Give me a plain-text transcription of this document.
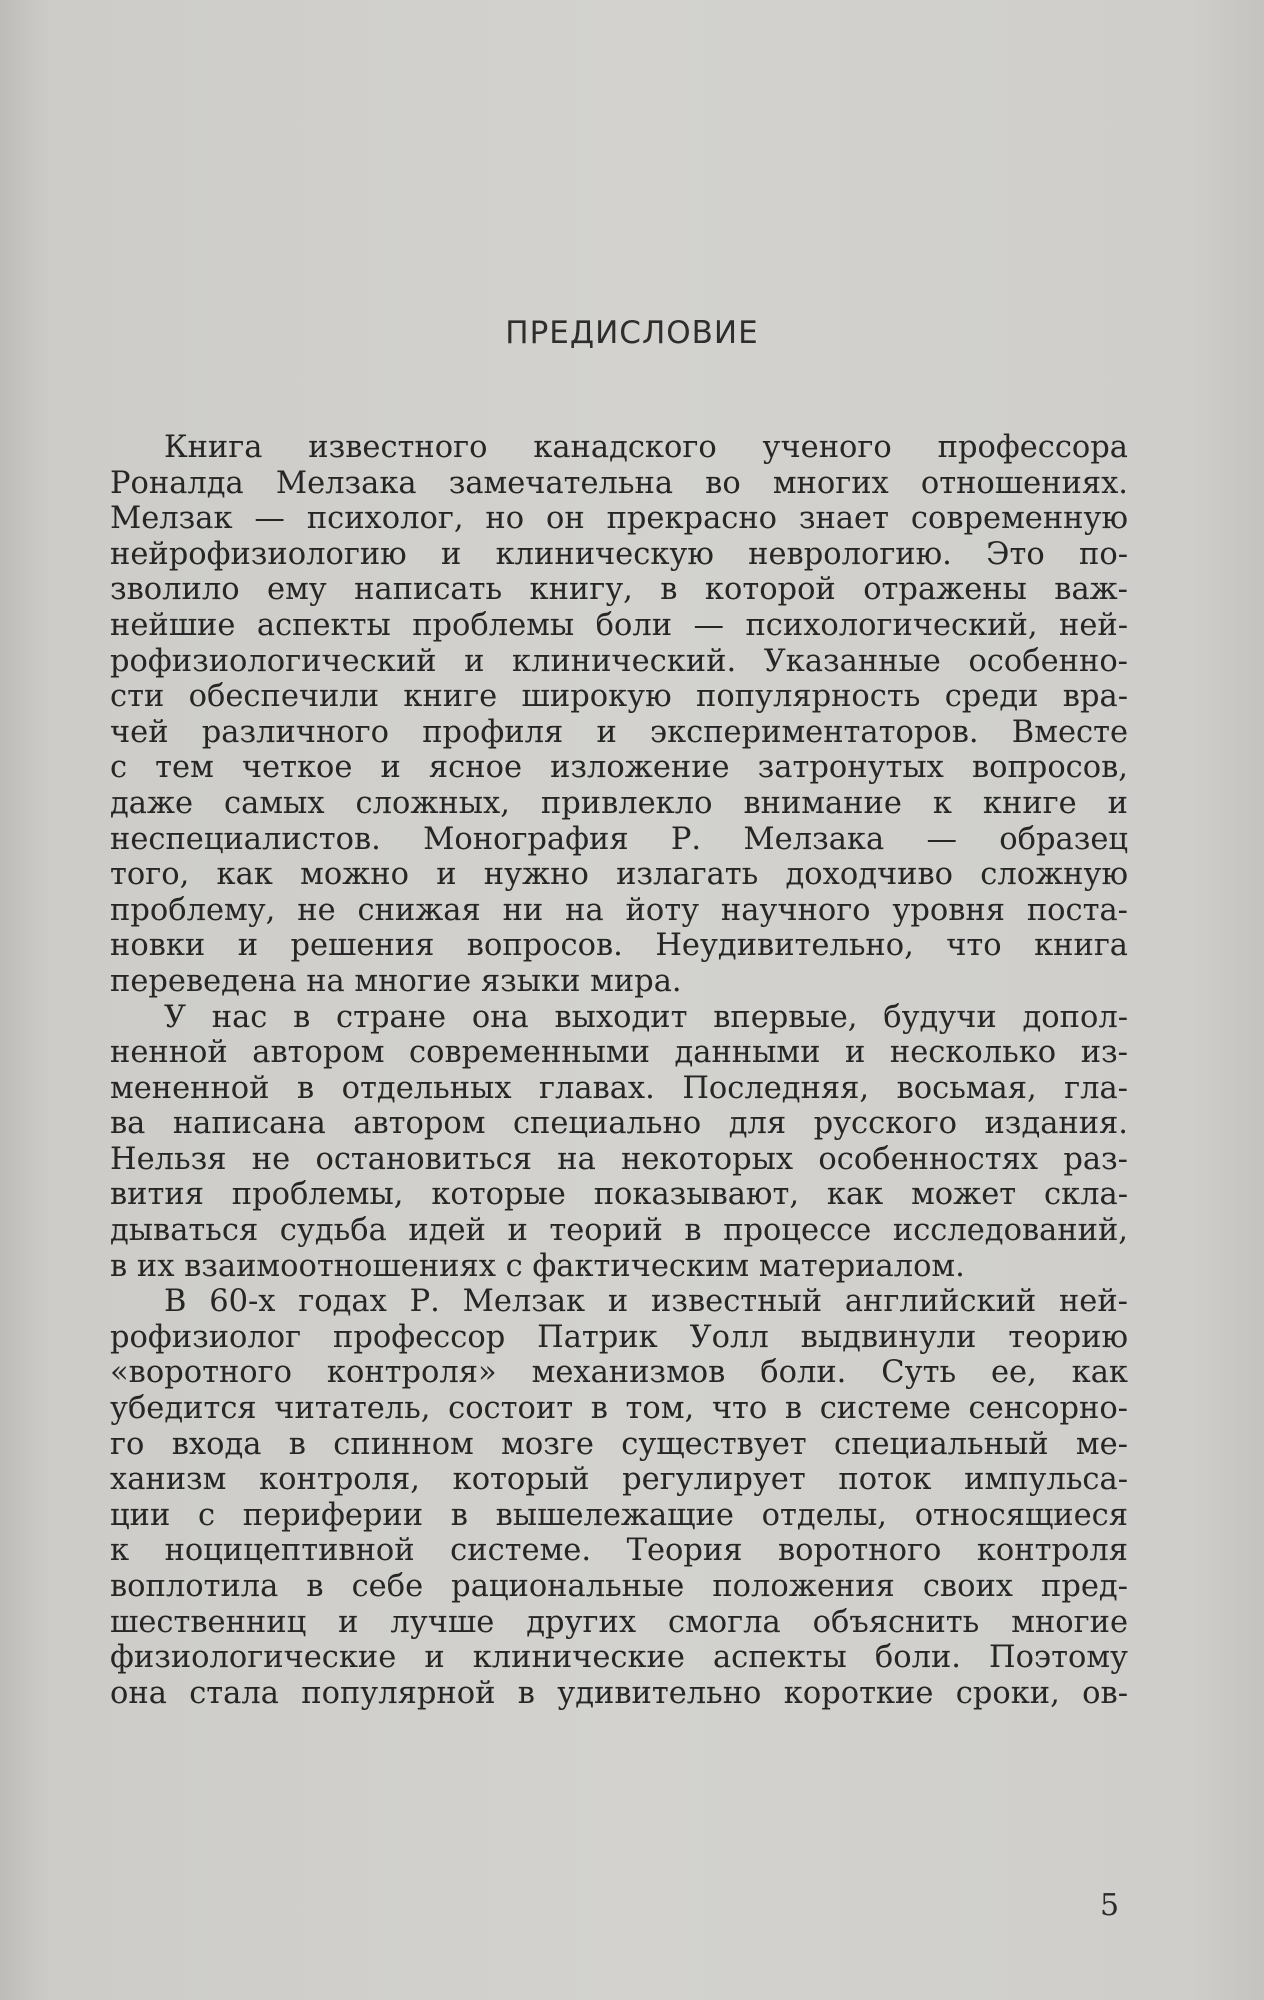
ПРЕДИСЛОВИЕ
Книга известного канадского ученого профессора
Роналда Мелзака замечательна во многих отношениях.
Мелзак — психолог, но он прекрасно знает современную
нейрофизиологию и клиническую неврологию. Это по-
зволило ему написать книгу, в которой отражены важ-
нейшие аспекты проблемы боли — психологический, ней-
рофизиологический и клинический. Указанные особенно-
сти обеспечили книге широкую популярность среди вра-
чей различного профиля и экспериментаторов. Вместе
с тем четкое и ясное изложение затронутых вопросов,
даже самых сложных, привлекло внимание к книге и
неспециалистов. Монография Р. Мелзака — образец
того, как можно и нужно излагать доходчиво сложную
проблему, не снижая ни на йоту научного уровня поста-
новки и решения вопросов. Неудивительно, что книга
переведена на многие языки мира.
У нас в стране она выходит впервые, будучи допол-
ненной автором современными данными и несколько из-
мененной в отдельных главах. Последняя, восьмая, гла-
ва написана автором специально для русского издания.
Нельзя не остановиться на некоторых особенностях раз-
вития проблемы, которые показывают, как может скла-
дываться судьба идей и теорий в процессе исследований,
в их взаимоотношениях с фактическим материалом.
В 60-х годах Р. Мелзак и известный английский ней-
рофизиолог профессор Патрик Уолл выдвинули теорию
«воротного контроля» механизмов боли. Суть ее, как
убедится читатель, состоит в том, что в системе сенсорно-
го входа в спинном мозге существует специальный ме-
ханизм контроля, который регулирует поток импульса-
ции с периферии в вышележащие отделы, относящиеся
к ноцицептивной системе. Теория воротного контроля
воплотила в себе рациональные положения своих пред-
шественниц и лучше других смогла объяснить многие
физиологические и клинические аспекты боли. Поэтому
она стала популярной в удивительно короткие сроки, ов-
5
